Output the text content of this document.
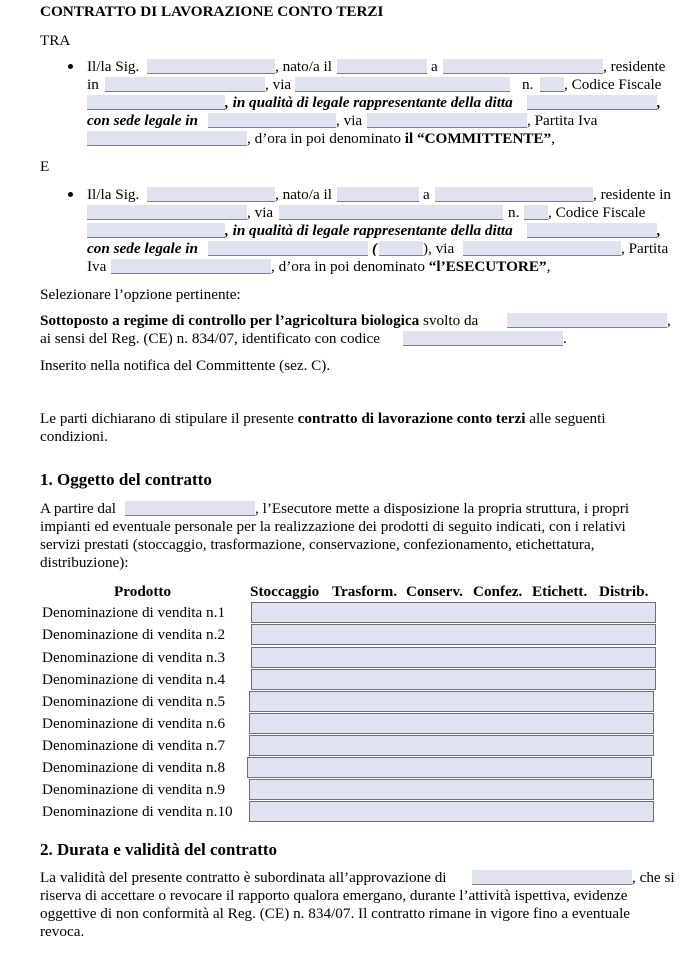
CONTRATTO DI LAVORAZIONE CONTO TERZI
TRA
Il/la Sig.	, nato/a il	a	, residente
in	, via	n. , Codice Fiscale
, in qualità di legale rappresentante della ditta	,
con sede legale in	, via	, Partita Iva
, d’ora in poi denominato il “COMMITTENTE”,
E
Il/la Sig.	, nato/a il	a	, residente in
, via	n. , Codice Fiscale
, in qualità di legale rappresentante della ditta	,
con sede legale in	(	), via	, Partita
Iva	, d’ora in poi denominato “l’ESECUTORE”,
Selezionare l’opzione pertinente:
Sottoposto a regime di controllo per l’agricoltura biologica svolto da	,
ai sensi del Reg. (CE) n. 834/07, identificato con codice	.
Inserito nella notifica del Committente (sez. C).
Le parti dichiarano di stipulare il presente contratto di lavorazione conto terzi alle seguenti
condizioni.
1. Oggetto del contratto
A partire dal	, l’Esecutore mette a disposizione la propria struttura, i propri
impianti ed eventuale personale per la realizzazione dei prodotti di seguito indicati, con i relativi
servizi prestati (stoccaggio, trasformazione, conservazione, confezionamento, etichettatura,
distribuzione):
Prodotto	Stoccaggio Trasform. Conserv. Confez. Etichett. Distrib.
Denominazione di vendita n.1
Denominazione di vendita n.2
Denominazione di vendita n.3
Denominazione di vendita n.4
Denominazione di vendita n.5
Denominazione di vendita n.6
Denominazione di vendita n.7
Denominazione di vendita n.8
Denominazione di vendita n.9
Denominazione di vendita n.10
2. Durata e validità del contratto
La validità del presente contratto è subordinata all’approvazione di	, che si
riserva di accettare o revocare il rapporto qualora emergano, durante l’attività ispettiva, evidenze
oggettive di non conformità al Reg. (CE) n. 834/07. Il contratto rimane in vigore fino a eventuale
revoca.
